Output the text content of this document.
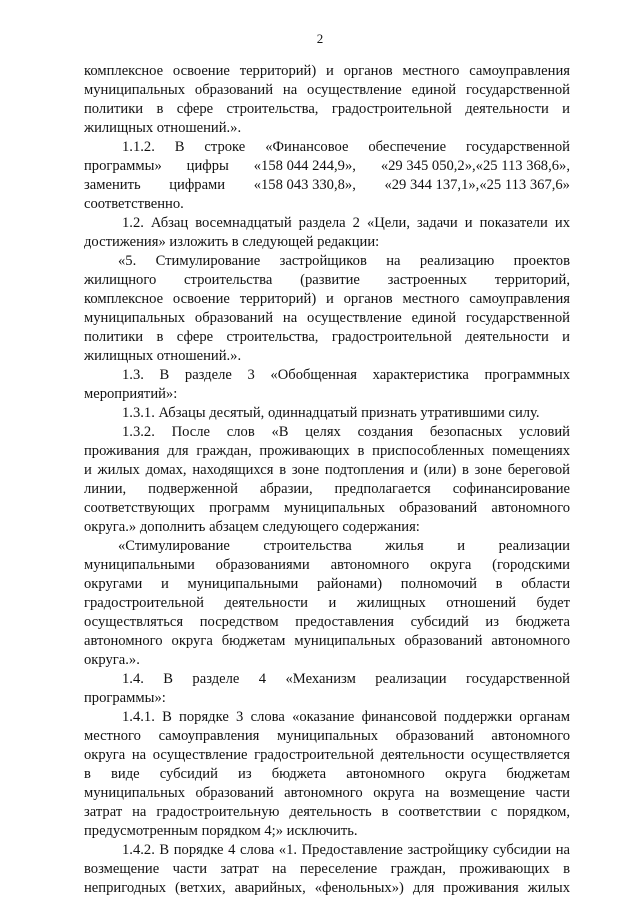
2
комплексное освоение территорий) и органов местного самоуправления
муниципальных образований на осуществление единой государственной
политики в сфере строительства, градостроительной деятельности и
жилищных отношений.».
1.1.2. В строке «Финансовое обеспечение государственной
программы» цифры «158 044 244,9», «29 345 050,2»,«25 113 368,6»,
заменить цифрами «158 043 330,8», «29 344 137,1»,«25 113 367,6»
соответственно.
1.2. Абзац восемнадцатый раздела 2 «Цели, задачи и показатели их
достижения» изложить в следующей редакции:
«5. Стимулирование застройщиков на реализацию проектов
жилищного строительства (развитие застроенных территорий,
комплексное освоение территорий) и органов местного самоуправления
муниципальных образований на осуществление единой государственной
политики в сфере строительства, градостроительной деятельности и
жилищных отношений.».
1.3. В разделе 3 «Обобщенная характеристика программных
мероприятий»:
1.3.1. Абзацы десятый, одиннадцатый признать утратившими силу.
1.3.2. После слов «В целях создания безопасных условий
проживания для граждан, проживающих в приспособленных помещениях
и жилых домах, находящихся в зоне подтопления и (или) в зоне береговой
линии, подверженной абразии, предполагается софинансирование
соответствующих программ муниципальных образований автономного
округа.» дополнить абзацем следующего содержания:
«Стимулирование строительства жилья и реализации
муниципальными образованиями автономного округа (городскими
округами и муниципальными районами) полномочий в области
градостроительной деятельности и жилищных отношений будет
осуществляться посредством предоставления субсидий из бюджета
автономного округа бюджетам муниципальных образований автономного
округа.».
1.4. В разделе 4 «Механизм реализации государственной
программы»:
1.4.1. В порядке 3 слова «оказание финансовой поддержки органам
местного самоуправления муниципальных образований автономного
округа на осуществление градостроительной деятельности осуществляется
в виде субсидий из бюджета автономного округа бюджетам
муниципальных образований автономного округа на возмещение части
затрат на градостроительную деятельность в соответствии с порядком,
предусмотренным порядком 4;» исключить.
1.4.2. В порядке 4 слова «1. Предоставление застройщику субсидии на
возмещение части затрат на переселение граждан, проживающих в
непригодных (ветхих, аварийных, «фенольных») для проживания жилых
